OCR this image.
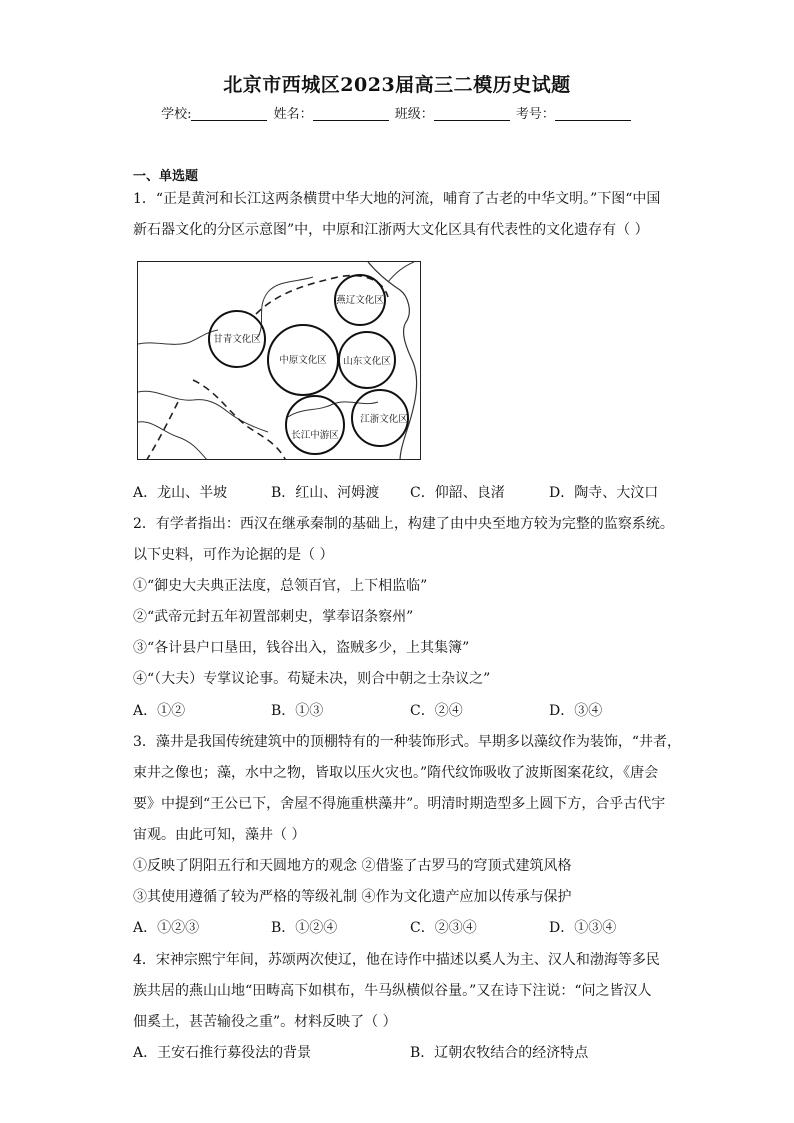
北京市西城区2023届高三二模历史试题
学校:	姓名：	班级：	考号：
一、单选题
1．“正是黄河和长江这两条横贯中华大地的河流，哺育了古老的中华文明。”下图“中国
新石器文化的分区示意图”中，中原和江浙两大文化区具有代表性的文化遗存有（ ）
燕辽文化区
甘青文化区
中原文化区 山东文化区
江浙文化区
长江中游区
A．龙山、半坡	B．红山、河姆渡 C．仰韶、良渚	D．陶寺、大汶口
2．有学者指出：西汉在继承秦制的基础上，构建了由中央至地方较为完整的监察系统。
以下史料，可作为论据的是（ ）
①“御史大夫典正法度，总领百官，上下相监临”
②“武帝元封五年初置部刺史，掌奉诏条察州”
③“各计县户口垦田，钱谷出入，盗贼多少，上其集簿”
④“（大夫）专掌议论事。苟疑未决，则合中朝之士杂议之”
A．①②	B．①③	C．②④	D．③④
3．藻井是我国传统建筑中的顶棚特有的一种装饰形式。早期多以藻纹作为装饰，“井者，
束井之像也；藻，水中之物，皆取以压火灾也。”隋代纹饰吸收了波斯图案花纹，《唐会
要》中提到“王公已下，舍屋不得施重栱藻井”。明清时期造型多上圆下方，合乎古代宇
宙观。由此可知，藻井（ ）
①反映了阴阳五行和天圆地方的观念 ②借鉴了古罗马的穹顶式建筑风格
③其使用遵循了较为严格的等级礼制 ④作为文化遗产应加以传承与保护
A．①②③	B．①②④	C．②③④	D．①③④
4．宋神宗熙宁年间，苏颂两次使辽，他在诗作中描述以奚人为主、汉人和渤海等多民
族共居的燕山山地“田畴高下如棋布，牛马纵横似谷量。”又在诗下注说：“问之皆汉人
佃奚土，甚苦输役之重”。材料反映了（ ）
A．王安石推行募役法的背景	B．辽朝农牧结合的经济特点
